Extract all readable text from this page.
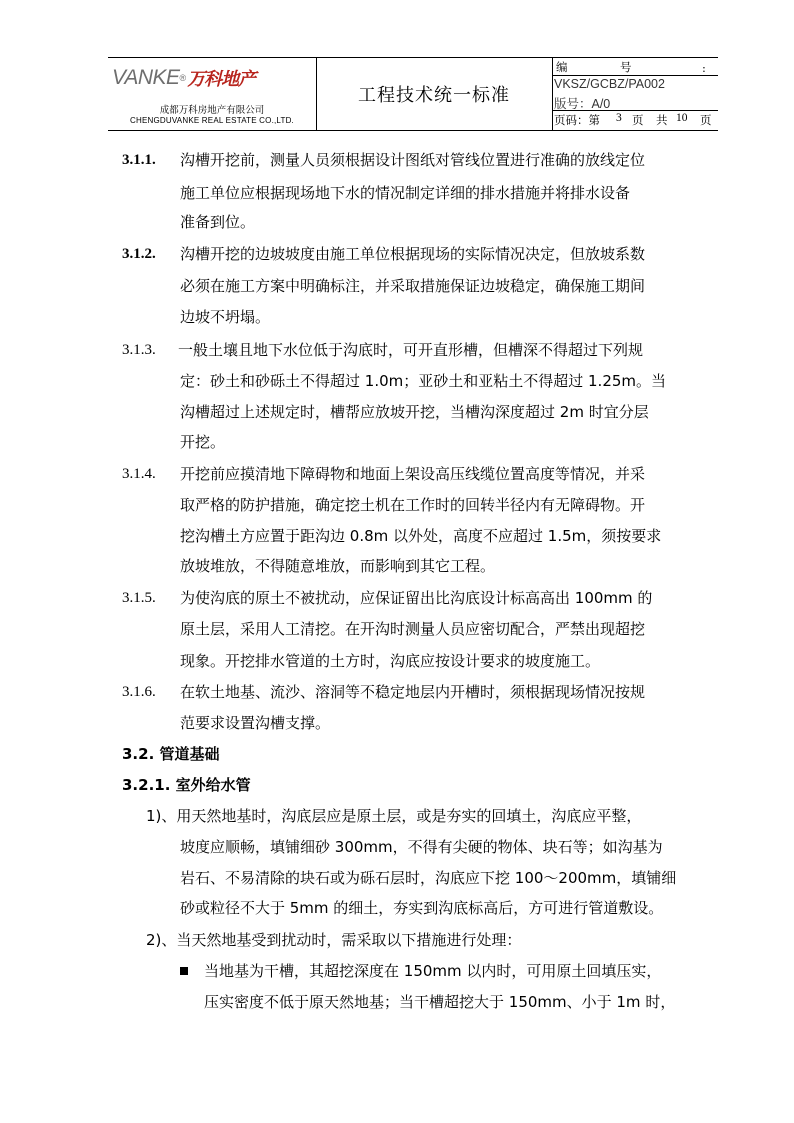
VANKE ® 万科地产
成都万科房地产有限公司
CHENGDUVANKE REAL ESTATE CO.,LTD.
工程技术统一标准
编	号	:
VKSZ/GCBZ/PA002
版号：A/0
页码：第 3 页 共 10 页
3.1.1. 沟槽开挖前，测量人员须根据设计图纸对管线位置进行准确的放线定位
施工单位应根据现场地下水的情况制定详细的排水措施并将排水设备
准备到位。
3.1.2. 沟槽开挖的边坡坡度由施工单位根据现场的实际情况决定，但放坡系数
必须在施工方案中明确标注，并采取措施保证边坡稳定，确保施工期间
边坡不坍塌。
3.1.3. 一般土壤且地下水位低于沟底时，可开直形槽，但槽深不得超过下列规
定：砂土和砂砾土不得超过 1.0m；亚砂土和亚粘土不得超过 1.25m。当
沟槽超过上述规定时，槽帮应放坡开挖，当槽沟深度超过 2m 时宜分层
开挖。
3.1.4. 开挖前应摸清地下障碍物和地面上架设高压线缆位置高度等情况，并采
取严格的防护措施，确定挖土机在工作时的回转半径内有无障碍物。开
挖沟槽土方应置于距沟边 0.8m 以外处，高度不应超过 1.5m，须按要求
放坡堆放，不得随意堆放，而影响到其它工程。
3.1.5. 为使沟底的原土不被扰动，应保证留出比沟底设计标高高出 100mm 的
原土层，采用人工清挖。在开沟时测量人员应密切配合，严禁出现超挖
现象。开挖排水管道的土方时，沟底应按设计要求的坡度施工。
3.1.6. 在软土地基、流沙、溶洞等不稳定地层内开槽时，须根据现场情况按规
范要求设置沟槽支撑。
3.2. 管道基础
3.2.1. 室外给水管
1)、用天然地基时，沟底层应是原土层，或是夯实的回填土，沟底应平整，
坡度应顺畅，填铺细砂 300mm，不得有尖硬的物体、块石等；如沟基为
岩石、不易清除的块石或为砾石层时，沟底应下挖 100～200mm，填铺细
砂或粒径不大于 5mm 的细土，夯实到沟底标高后，方可进行管道敷设。
2)、当天然地基受到扰动时，需采取以下措施进行处理：
当地基为干槽，其超挖深度在 150mm 以内时，可用原土回填压实，
压实密度不低于原天然地基；当干槽超挖大于 150mm、小于 1m 时，
